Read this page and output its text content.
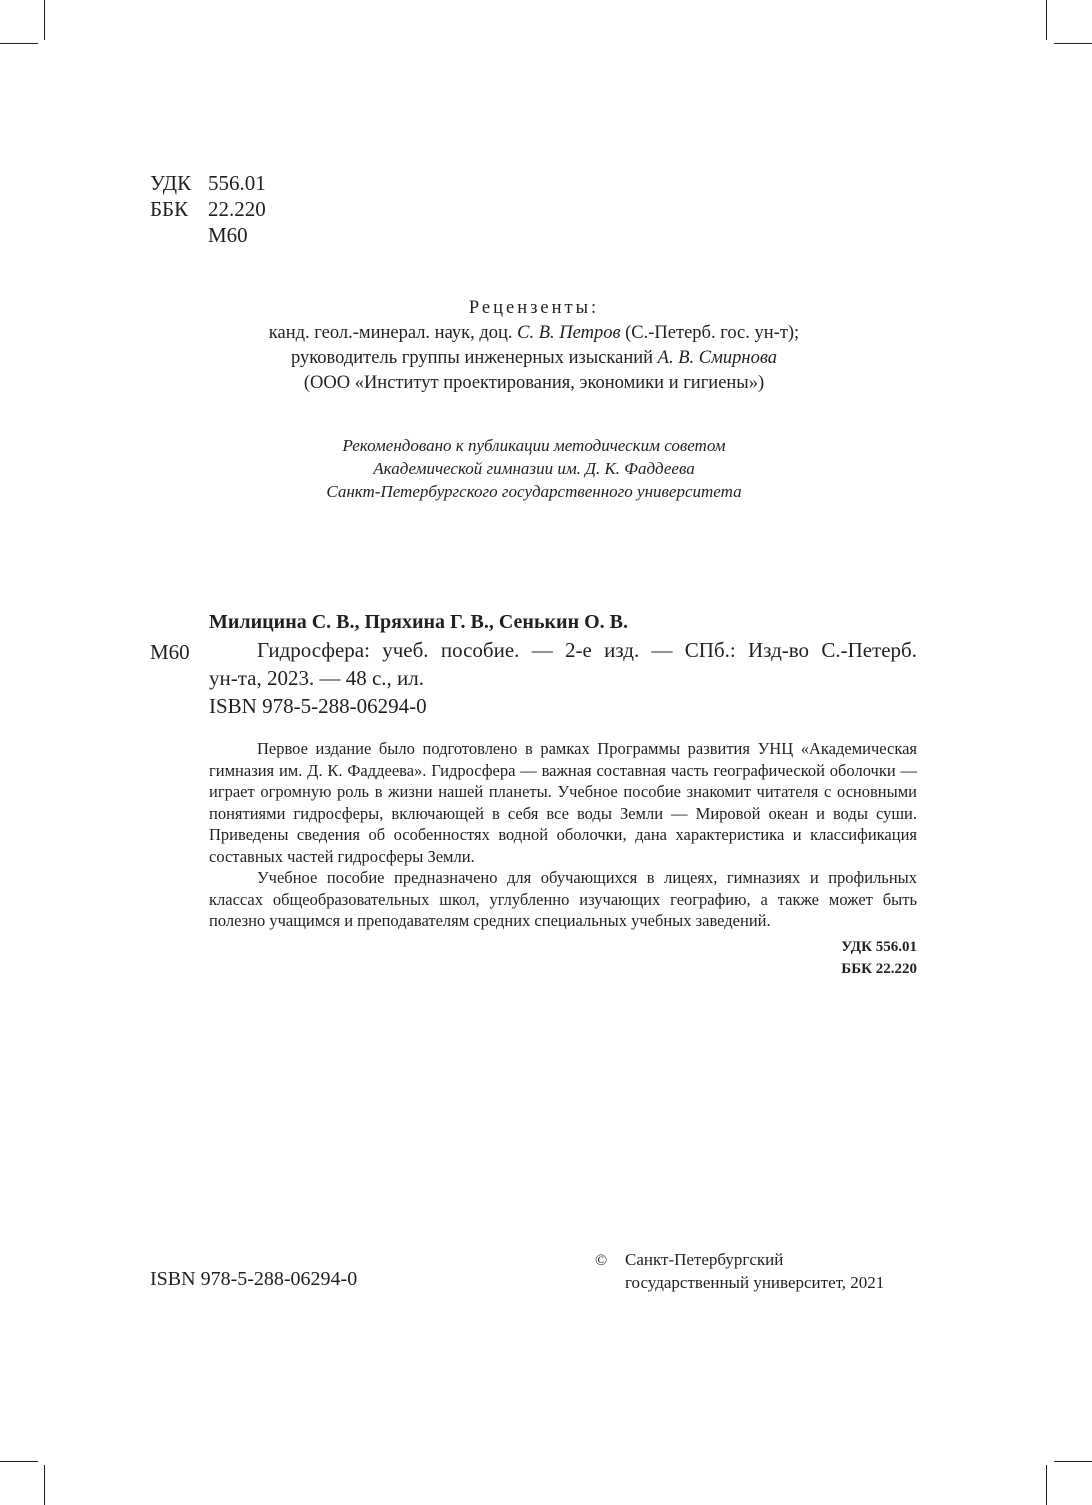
УДК 556.01
ББК 22.220
М60
Рецензенты:
канд. геол.-минерал. наук, доц. С. В. Петров (С.-Петерб. гос. ун-т);
руководитель группы инженерных изысканий А. В. Смирнова
(ООО «Институт проектирования, экономики и гигиены»)
Рекомендовано к публикации методическим советом
Академической гимназии им. Д. К. Фаддеева
Санкт-Петербургского государственного университета
Милицина С. В., Пряхина Г. В., Сенькин О. В.
М60	Гидросфера: учеб. пособие. — 2-е изд. — СПб.: Изд-во С.-Петерб.
ун-та, 2023. — 48 с., ил.
ISBN 978-5-288-06294-0

Первое издание было подготовлено в рамках Программы развития УНЦ «Академическая гимназия им. Д. К. Фаддеева». Гидросфера — важная составная часть географической оболочки — играет огромную роль в жизни нашей планеты. Учебное пособие знакомит читателя с основными понятиями гидросферы, включающей в себя все воды Земли — Мировой океан и воды суши. Приведены сведения об особенностях водной оболочки, дана характеристика и классификация составных частей гидросферы Земли.

Учебное пособие предназначено для обучающихся в лицеях, гимназиях и профильных классах общеобразовательных школ, углубленно изучающих географию, а также может быть полезно учащимся и преподавателям средних специальных учебных заведений.

УДК 556.01
ББК 22.220
ISBN 978-5-288-06294-0
© Санкт-Петербургский
государственный университет, 2021
